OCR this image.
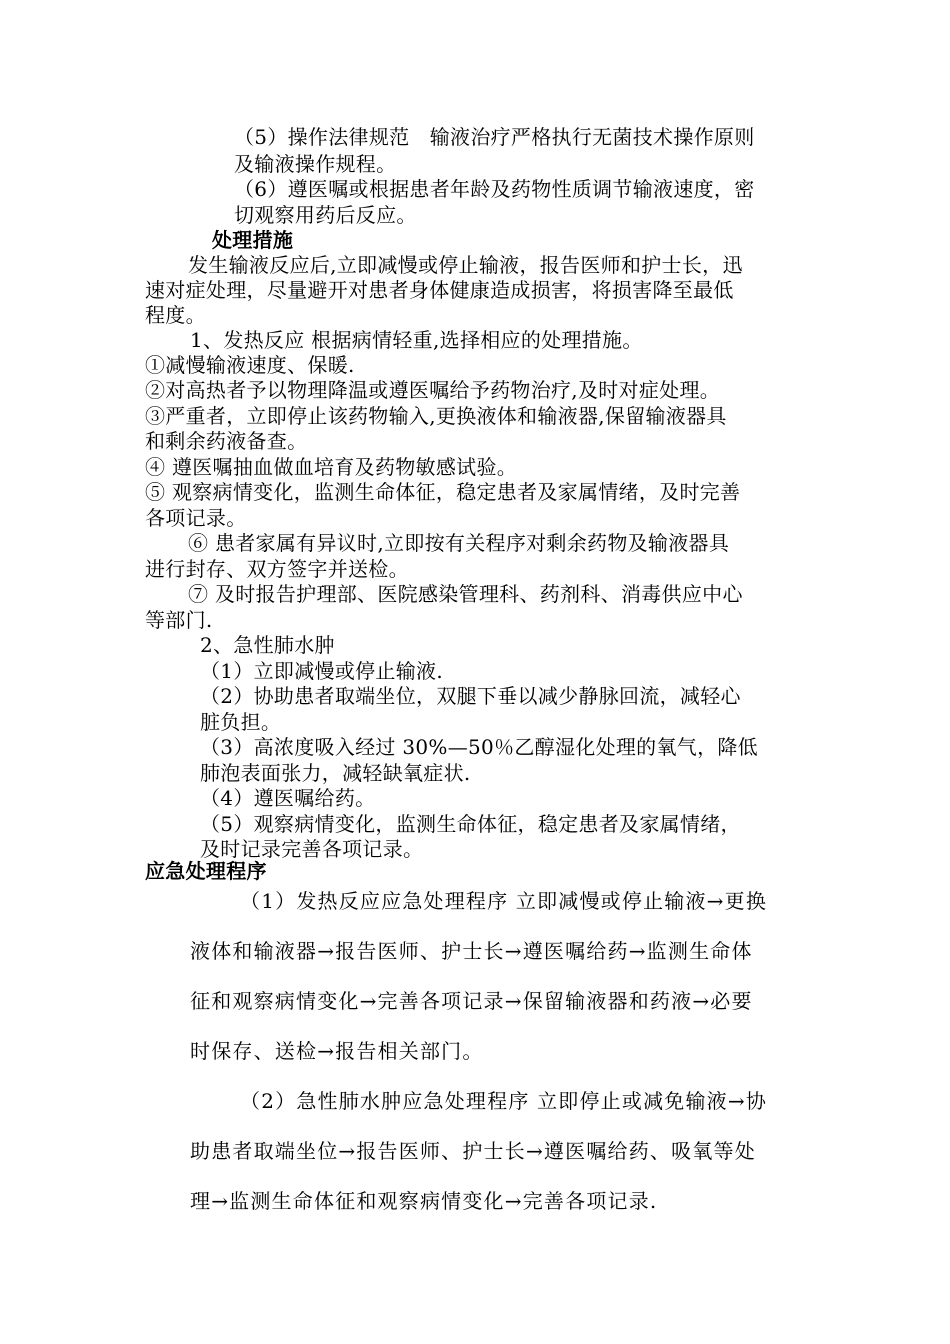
（5）操作法律规范　输液治疗严格执行无菌技术操作原则
及输液操作规程。
（6）遵医嘱或根据患者年龄及药物性质调节输液速度，密
切观察用药后反应。
处理措施
发生输液反应后,立即减慢或停止输液，报告医师和护士长，迅
速对症处理，尽量避开对患者身体健康造成损害，将损害降至最低
程度。
1、发热反应 根据病情轻重,选择相应的处理措施。
①减慢输液速度、保暖.
②对高热者予以物理降温或遵医嘱给予药物治疗,及时对症处理。
③严重者，立即停止该药物输入,更换液体和输液器,保留输液器具
和剩余药液备查。
④ 遵医嘱抽血做血培育及药物敏感试验。
⑤ 观察病情变化，监测生命体征，稳定患者及家属情绪，及时完善
各项记录。
⑥ 患者家属有异议时,立即按有关程序对剩余药物及输液器具
进行封存、双方签字并送检。
⑦ 及时报告护理部、医院感染管理科、药剂科、消毒供应中心
等部门.
2、急性肺水肿
（1）立即减慢或停止输液.
（2）协助患者取端坐位，双腿下垂以减少静脉回流，减轻心
脏负担。
（3）高浓度吸入经过 30%—50％乙醇湿化处理的氧气，降低
肺泡表面张力，减轻缺氧症状.
（4）遵医嘱给药。
（5）观察病情变化，监测生命体征，稳定患者及家属情绪，
及时记录完善各项记录。
应急处理程序
（1）发热反应应急处理程序 立即减慢或停止输液→更换
液体和输液器→报告医师、护士长→遵医嘱给药→监测生命体
征和观察病情变化→完善各项记录→保留输液器和药液→必要
时保存、送检→报告相关部门。
（2）急性肺水肿应急处理程序 立即停止或减免输液→协
助患者取端坐位→报告医师、护士长→遵医嘱给药、吸氧等处
理→监测生命体征和观察病情变化→完善各项记录.
